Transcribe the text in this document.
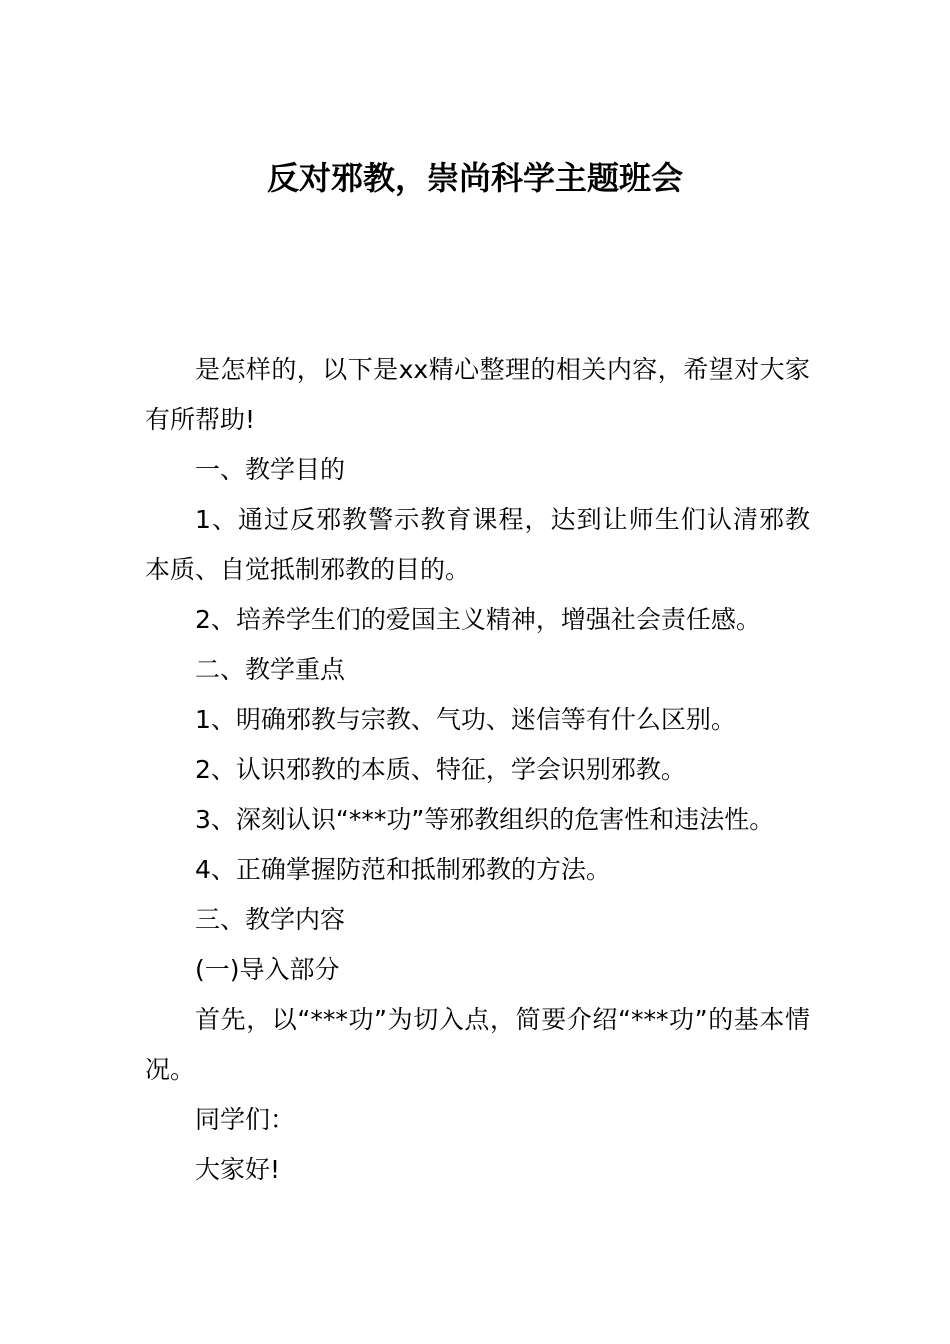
反对邪教，崇尚科学主题班会

是怎样的，以下是xx精心整理的相关内容，希望对大家有所帮助!

一、教学目的

1、通过反邪教警示教育课程，达到让师生们认清邪教本质、自觉抵制邪教的目的。

2、培养学生们的爱国主义精神，增强社会责任感。

二、教学重点

1、明确邪教与宗教、气功、迷信等有什么区别。

2、认识邪教的本质、特征，学会识别邪教。

3、深刻认识“***功”等邪教组织的危害性和违法性。

4、正确掌握防范和抵制邪教的方法。

三、教学内容

(一)导入部分

首先，以“***功”为切入点，简要介绍“***功”的基本情况。

同学们：

大家好!
